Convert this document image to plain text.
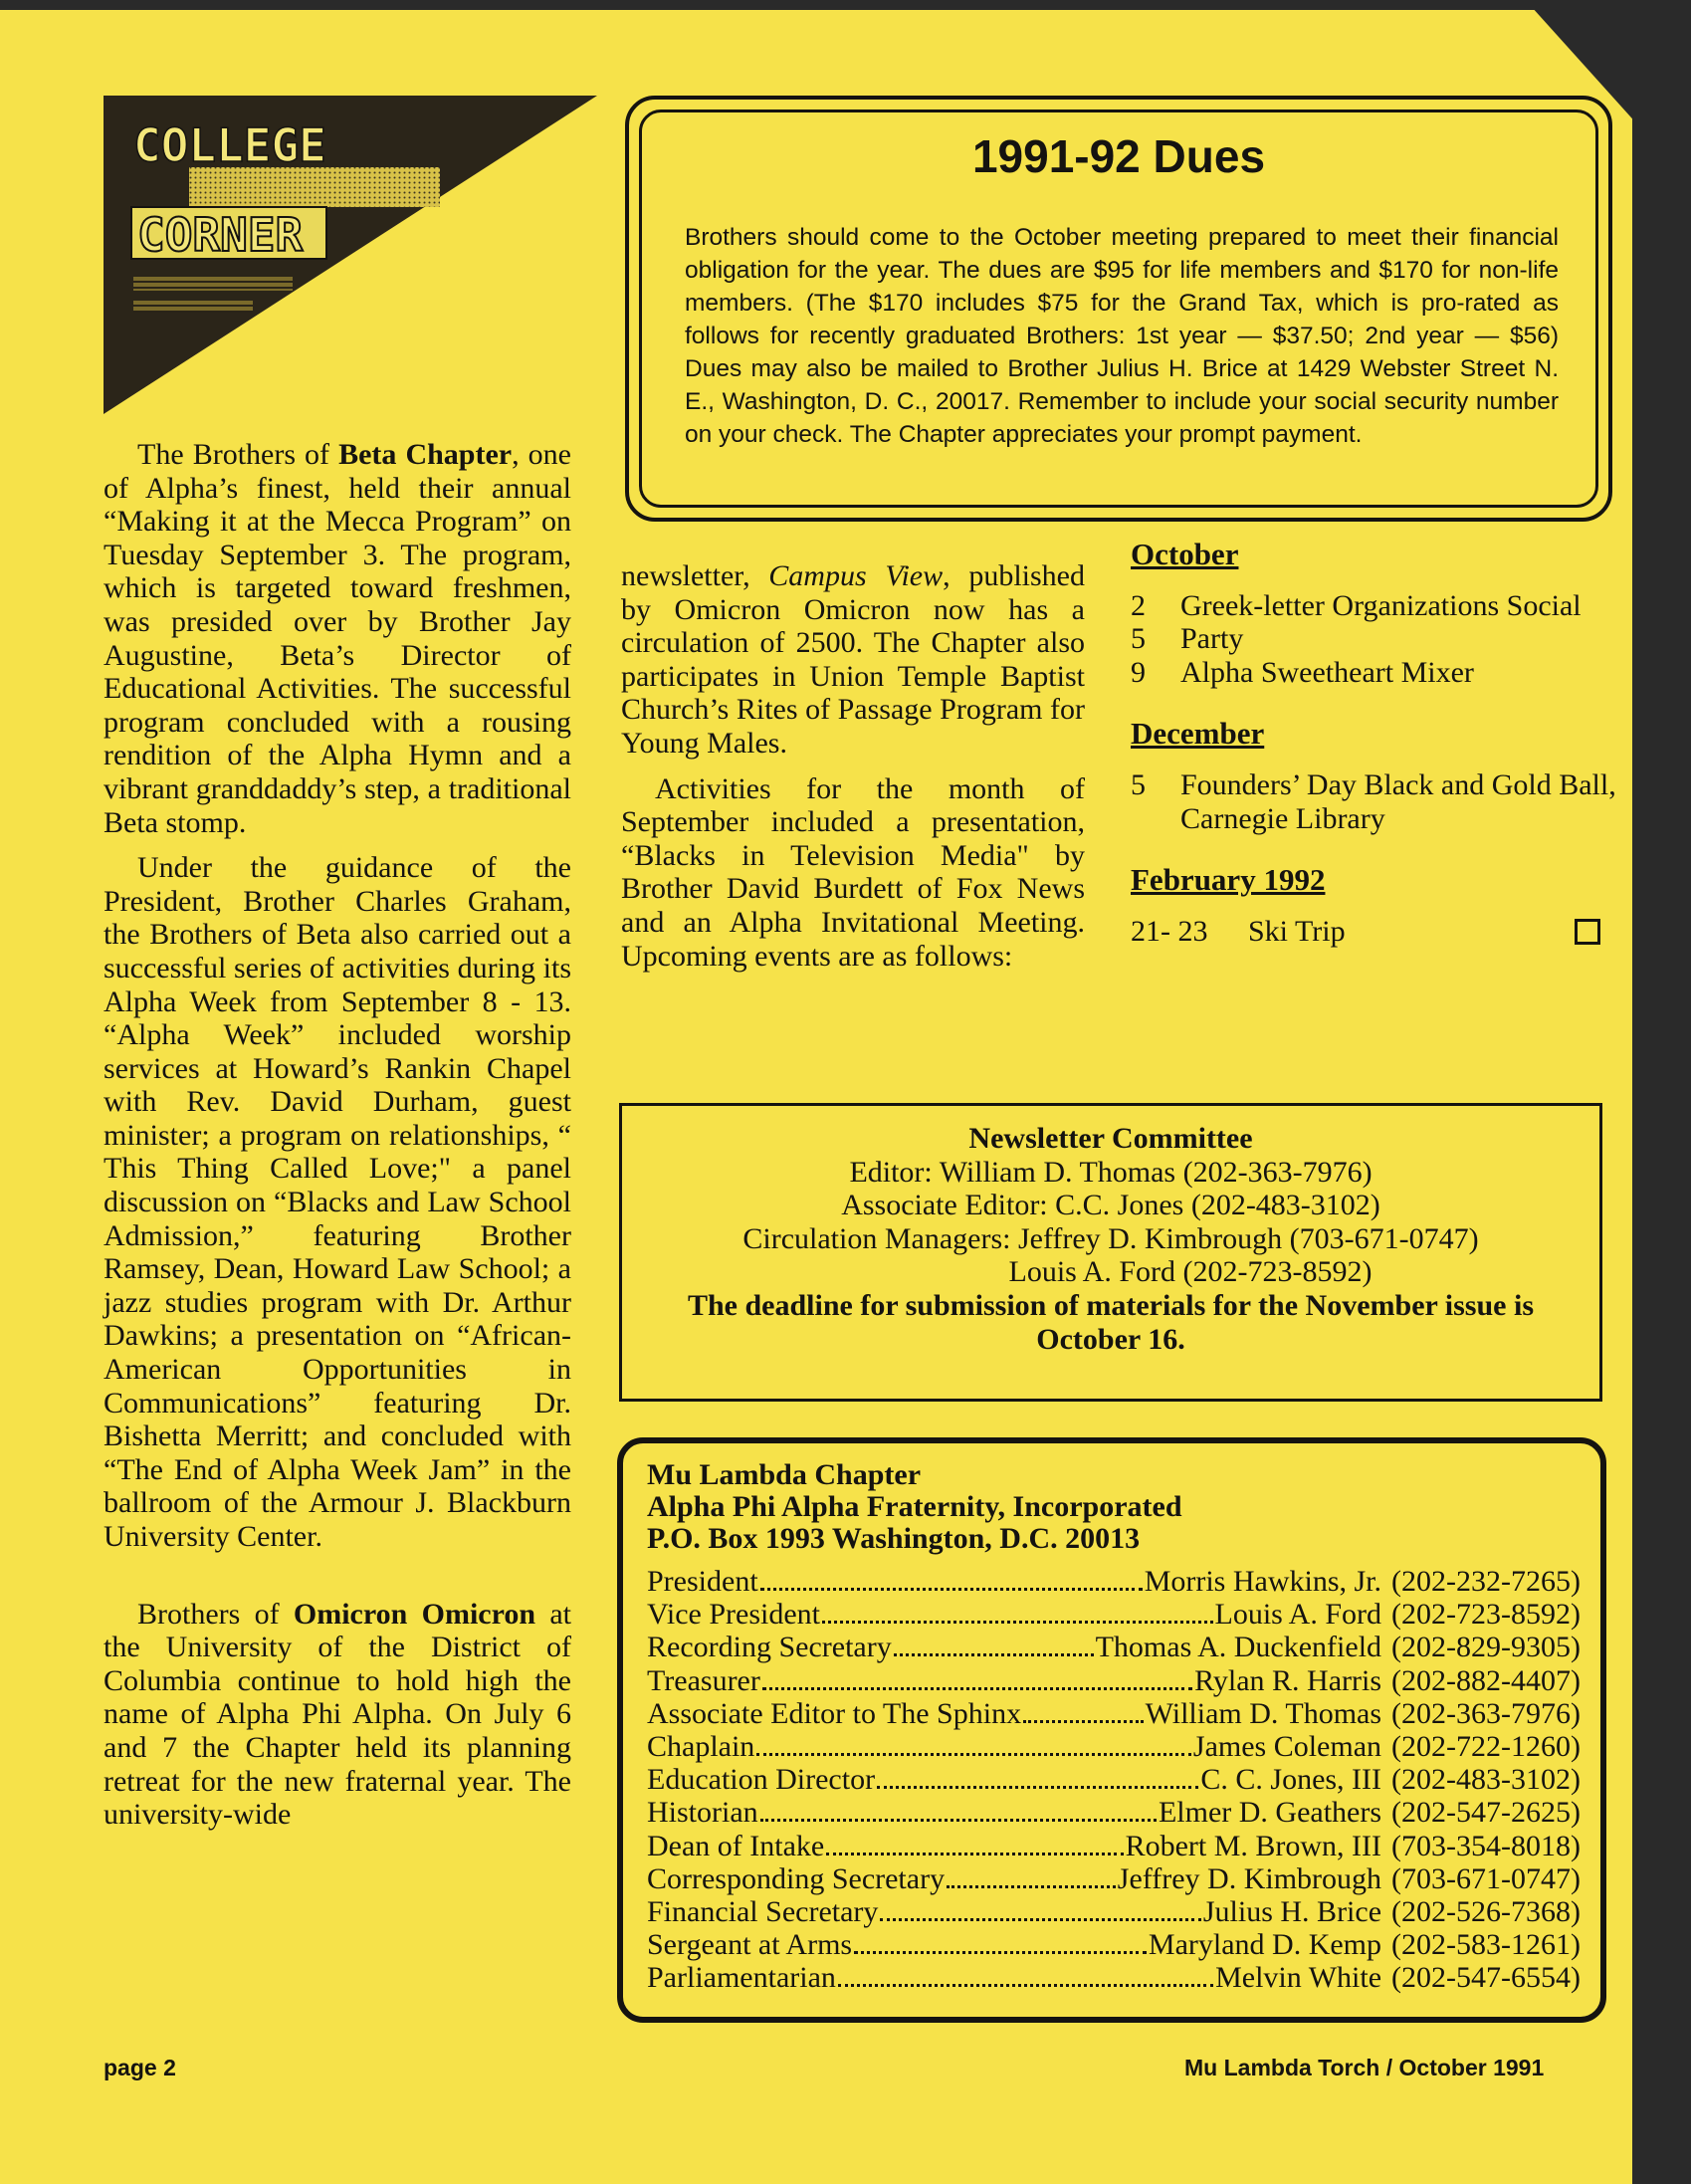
COLLEGE
CORNER

The Brothers of Beta Chapter, one of Alpha’s finest, held their annual “Making it at the Mecca Program” on Tuesday September 3. The program, which is targeted toward freshmen, was presided over by Brother Jay Augustine, Beta’s Director of Educational Activities. The successful program concluded with a rousing rendition of the Alpha Hymn and a vibrant granddaddy’s step, a traditional Beta stomp.

Under the guidance of the President, Brother Charles Graham, the Brothers of Beta also carried out a successful series of activities during its Alpha Week from September 8 - 13. “Alpha Week” included worship services at Howard’s Rankin Chapel with Rev. David Durham, guest minister; a program on relationships, “ This Thing Called Love;" a panel discussion on “Blacks and Law School Admission,” featuring Brother Ramsey, Dean, Howard Law School; a jazz studies program with Dr. Arthur Dawkins; a presentation on “African-American Opportunities in Communications” featuring Dr. Bishetta Merritt; and concluded with “The End of Alpha Week Jam” in the ballroom of the Armour J. Blackburn University Center.

Brothers of Omicron Omicron at the University of the District of Columbia continue to hold high the name of Alpha Phi Alpha. On July 6 and 7 the Chapter held its planning retreat for the new fraternal year. The university-wide

newsletter, Campus View, published by Omicron Omicron now has a circulation of 2500. The Chapter also participates in Union Temple Baptist Church’s Rites of Passage Program for Young Males.

Activities for the month of September included a presentation, “Blacks in Television Media" by Brother David Burdett of Fox News and an Alpha Invitational Meeting. Upcoming events are as follows:

1991-92 Dues
Brothers should come to the October meeting prepared to meet their financial obligation for the year. The dues are $95 for life members and $170 for non-life members. (The $170 includes $75 for the Grand Tax, which is pro-rated as follows for recently graduated Brothers: 1st year — $37.50; 2nd year — $56) Dues may also be mailed to Brother Julius H. Brice at 1429 Webster Street N. E., Washington, D. C., 20017. Remember to include your social security number on your check. The Chapter appreciates your prompt payment.
October
2	Greek-letter Organizations Social
5	Party
9	Alpha Sweetheart Mixer
December
5	Founders’ Day Black and Gold Ball, Carnegie Library
February 1992
21- 23	Ski Trip
Newsletter Committee
Editor: William D. Thomas (202-363-7976)
Associate Editor: C.C. Jones (202-483-3102)
Circulation Managers: Jeffrey D. Kimbrough (703-671-0747)
Louis A. Ford (202-723-8592)
The deadline for submission of materials for the November issue is October 16.
Mu Lambda Chapter
Alpha Phi Alpha Fraternity, Incorporated
P.O. Box 1993 Washington, D.C. 20013
President	Morris Hawkins, Jr. (202-232-7265)
Vice President	Louis A. Ford (202-723-8592)
Recording Secretary	Thomas A. Duckenfield (202-829-9305)
Treasurer	Rylan R. Harris (202-882-4407)
Associate Editor to The Sphinx	William D. Thomas (202-363-7976)
Chaplain	James Coleman (202-722-1260)
Education Director	C. C. Jones, III (202-483-3102)
Historian	Elmer D. Geathers (202-547-2625)
Dean of Intake	Robert M. Brown, III (703-354-8018)
Corresponding Secretary	Jeffrey D. Kimbrough (703-671-0747)
Financial Secretary	Julius H. Brice (202-526-7368)
Sergeant at Arms	Maryland D. Kemp (202-583-1261)
Parliamentarian	Melvin White (202-547-6554)
page 2	Mu Lambda Torch / October 1991
